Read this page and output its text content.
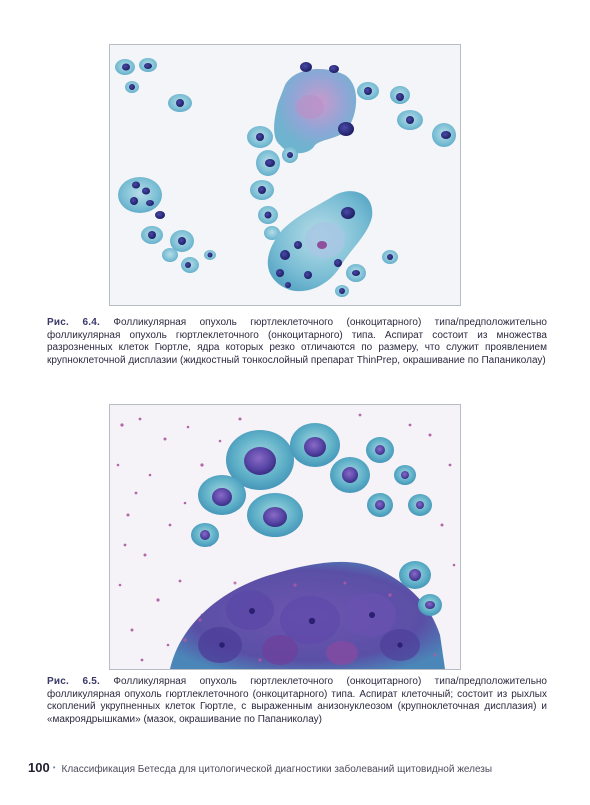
Рис. 6.4. Фолликулярная опухоль гюртлеклеточного (онкоцитарного) типа/предположительно фолликулярная опухоль гюртлеклеточного (онкоцитарного) типа. Аспират состоит из множества разрозненных клеток Гюртле, ядра которых резко отличаются по размеру, что служит проявлением крупноклеточной дисплазии (жидкостный тонкослойный препарат ThinPrep, окрашивание по Папаниколау)

Рис. 6.5. Фолликулярная опухоль гюртлеклеточного (онкоцитарного) типа/предположительно фолликулярная опухоль гюртлеклеточного (онкоцитарного) типа. Аспират клеточный; состоит из рыхлых скоплений укрупненных клеток Гюртле, с выраженным анизонуклеозом (крупноклеточная дисплазия) и «макроядрышками» (мазок, окрашивание по Папаниколау)

100 • Классификация Бетесда для цитологической диагностики заболеваний щитовидной железы
